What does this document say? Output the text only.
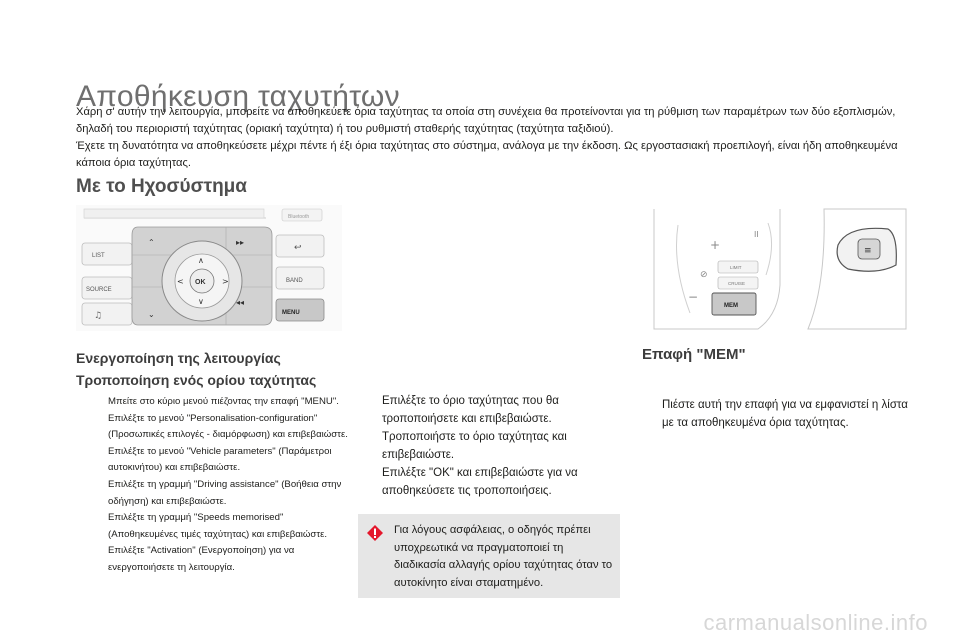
Αποθήκευση ταχυτήτων

Χάρη σ' αυτήν την λειτουργία, μπορείτε να αποθηκεύετε όρια ταχύτητας τα οποία στη συνέχεια θα προτείνονται για τη ρύθμιση των παραμέτρων των δύο εξοπλισμών, δηλαδή του περιοριστή ταχύτητας (οριακή ταχύτητα) ή του ρυθμιστή σταθερής ταχύτητας (ταχύτητα ταξιδιού).

Έχετε τη δυνατότητα να αποθηκεύσετε μέχρι πέντε ή έξι όρια ταχύτητας στο σύστημα, ανάλογα με την έκδοση. Ως εργοστασιακή προεπιλογή, είναι ήδη αποθηκευμένα κάποια όρια ταχύτητας.

Με το Ηχοσύστημα
Bluetooth
LIST
SOURCE
♫
OK
∧
∨
<	>
⌃
⌄
▸▸
◂◂
↩
BAND
MENU
Ενεργοποίηση της λειτουργίας
Τροποποίηση ενός ορίου ταχύτητας
Μπείτε στο κύριο μενού πιέζοντας την επαφή "MENU".
Επιλέξτε το μενού "Personalisation-configuration" (Προσωπικές επιλογές - διαμόρφωση) και επιβεβαιώστε.
Επιλέξτε το μενού "Vehicle parameters" (Παράμετροι αυτοκινήτου) και επιβεβαιώστε.
Επιλέξτε τη γραμμή "Driving assistance" (Βοήθεια στην οδήγηση) και επιβεβαιώστε.
Επιλέξτε τη γραμμή "Speeds memorised" (Αποθηκευμένες τιμές ταχύτητας) και επιβεβαιώστε.
Επιλέξτε "Activation" (Ενεργοποίηση) για να ενεργοποιήσετε τη λειτουργία.
Επιλέξτε το όριο ταχύτητας που θα τροποποιήσετε και επιβεβαιώστε.
Τροποποιήστε το όριο ταχύτητας και επιβεβαιώστε.
Επιλέξτε "OK" και επιβεβαιώστε για να αποθηκεύσετε τις τροποποιήσεις.
Για λόγους ασφάλειας, ο οδηγός πρέπει υποχρεωτικά να πραγματοποιεί τη διαδικασία αλλαγής ορίου ταχύτητας όταν το αυτοκίνητο είναι σταματημένο.
+
−
II
⊘
LIMIT
CRUISE
MEM
≡
Επαφή "MEM"
Πιέστε αυτή την επαφή για να εμφανιστεί η λίστα με τα αποθηκευμένα όρια ταχύτητας.
carmanualsonline.info
